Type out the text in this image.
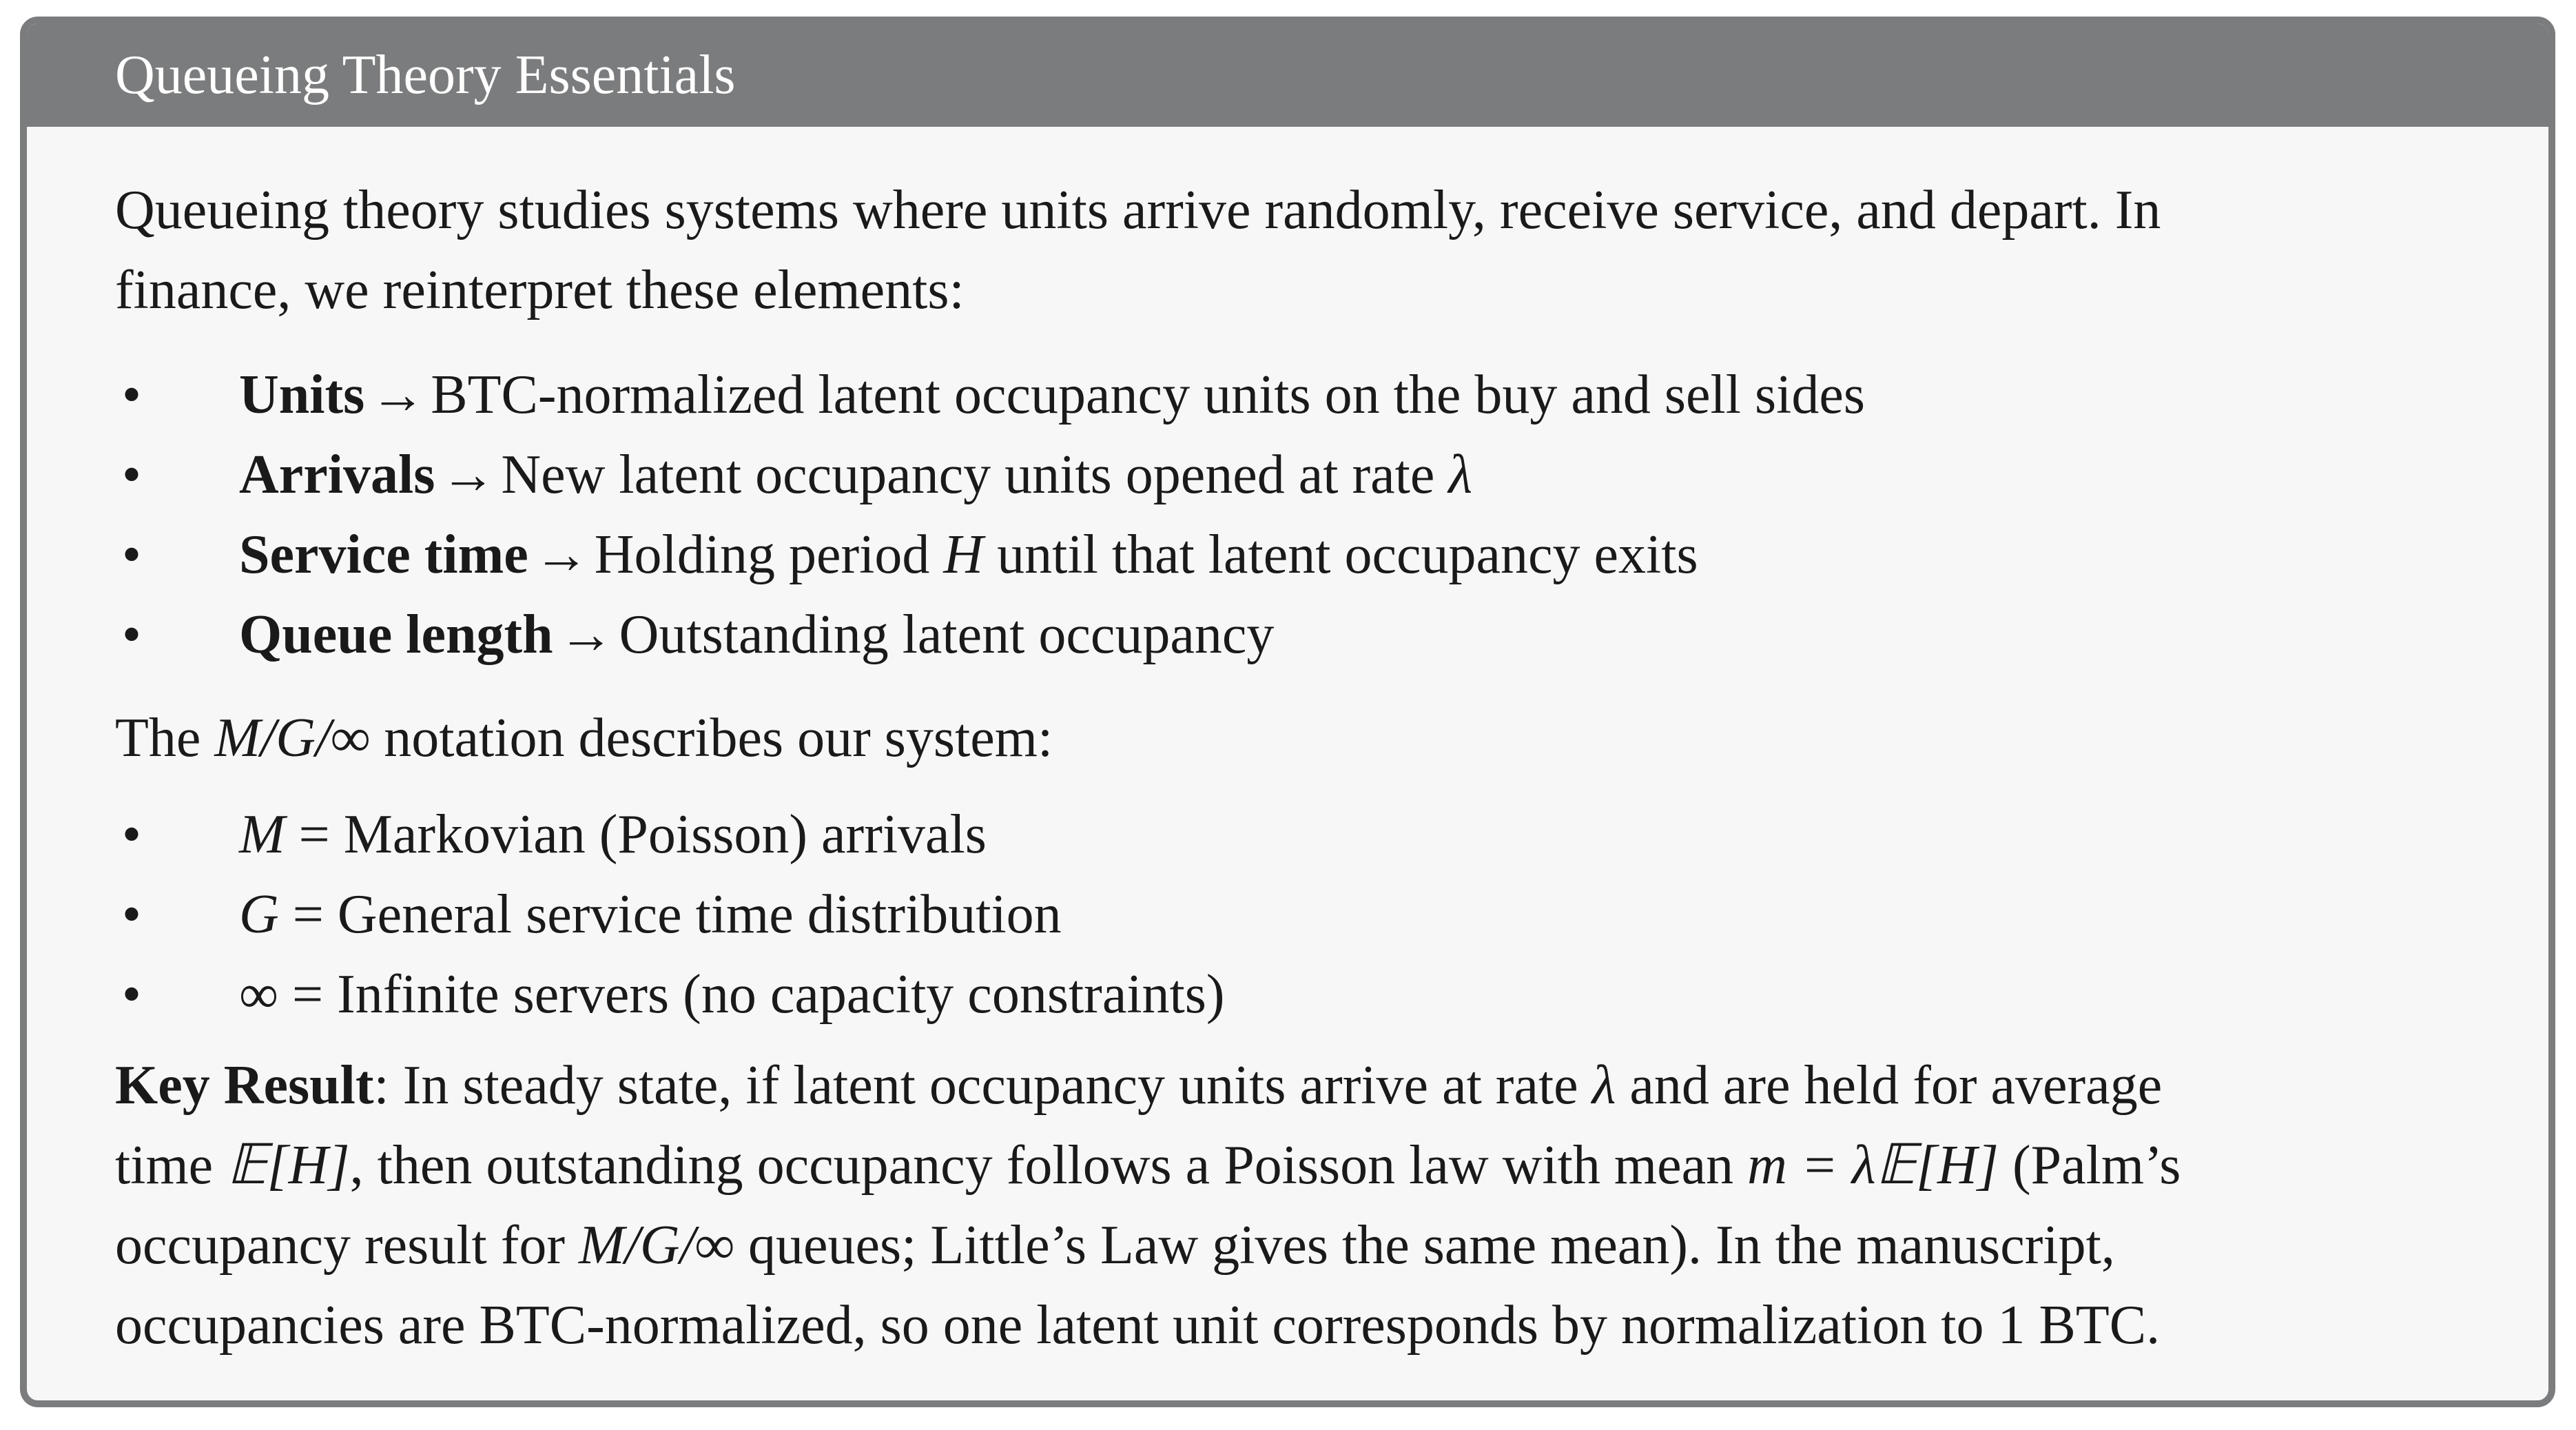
Queueing Theory Essentials

Queueing theory studies systems where units arrive randomly, receive service, and depart. In
finance, we reinterpret these elements:

• Units → BTC-normalized latent occupancy units on the buy and sell sides
• Arrivals → New latent occupancy units opened at rate λ
• Service time → Holding period H until that latent occupancy exits
• Queue length → Outstanding latent occupancy

The M/G/∞ notation describes our system:

• M = Markovian (Poisson) arrivals
• G = General service time distribution
• ∞ = Infinite servers (no capacity constraints)

Key Result: In steady state, if latent occupancy units arrive at rate λ and are held for average
time 𝔼[H], then outstanding occupancy follows a Poisson law with mean m = λ𝔼[H] (Palm’s
occupancy result for M/G/∞ queues; Little’s Law gives the same mean). In the manuscript,
occupancies are BTC-normalized, so one latent unit corresponds by normalization to 1 BTC.
